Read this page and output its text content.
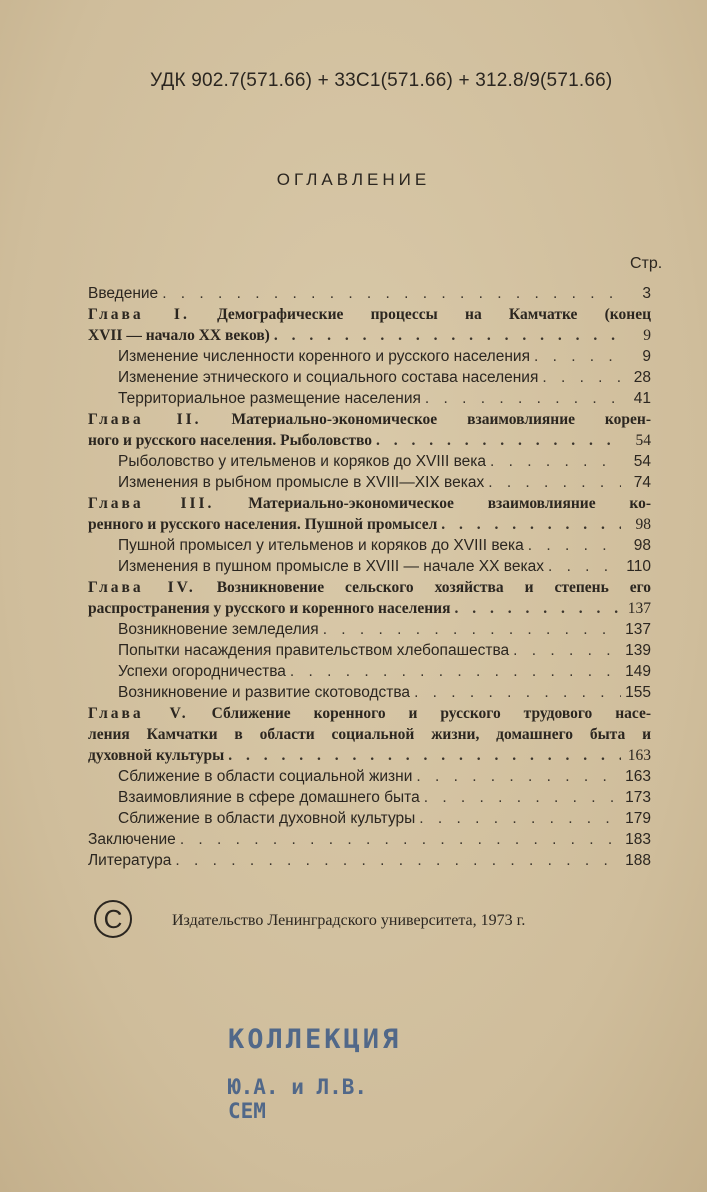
УДК 902.7(571.66) + 33С1(571.66) + 312.8/9(571.66)
ОГЛАВЛЕНИЕ
Стр.
Введение . . .	3
Глава I. Демографические процессы на Камчатке (конец
XVII — начало XX веков) . . .	9
Изменение численности коренного и русского населения . . .	9
Изменение этнического и социального состава населения . . .	28
Территориальное размещение населения . . .	41
Глава II. Материально-экономическое взаимовлияние корен-
ного и русского населения. Рыболовство . . .	54
Рыболовство у ительменов и коряков до XVIII века . . .	54
Изменения в рыбном промысле в XVIII—XIX веках . . .	74
Глава III. Материально-экономическое взаимовлияние ко-
ренного и русского населения. Пушной промысел . . .	98
Пушной промысел у ительменов и коряков до XVIII века . . .	98
Изменения в пушном промысле в XVIII — начале XX веках . . .	110
Глава IV. Возникновение сельского хозяйства и степень его
распространения у русского и коренного населения . . .	137
Возникновение земледелия . . .	137
Попытки насаждения правительством хлебопашества . . .	139
Успехи огородничества . . .	149
Возникновение и развитие скотоводства . . .	155
Глава V. Сближение коренного и русского трудового насе-
ления Камчатки в области социальной жизни, домашнего быта и
духовной культуры . . .	163
Сближение в области социальной жизни . . .	163
Взаимовлияние в сфере домашнего быта . . .	173
Сближение в области духовной культуры . . .	179
Заключение . . .	183
Литература . . .	188
C	Издательство Ленинградского университета, 1973 г.
КОЛЛЕКЦИЯ
Ю.А. и Л.В. СЕМ
